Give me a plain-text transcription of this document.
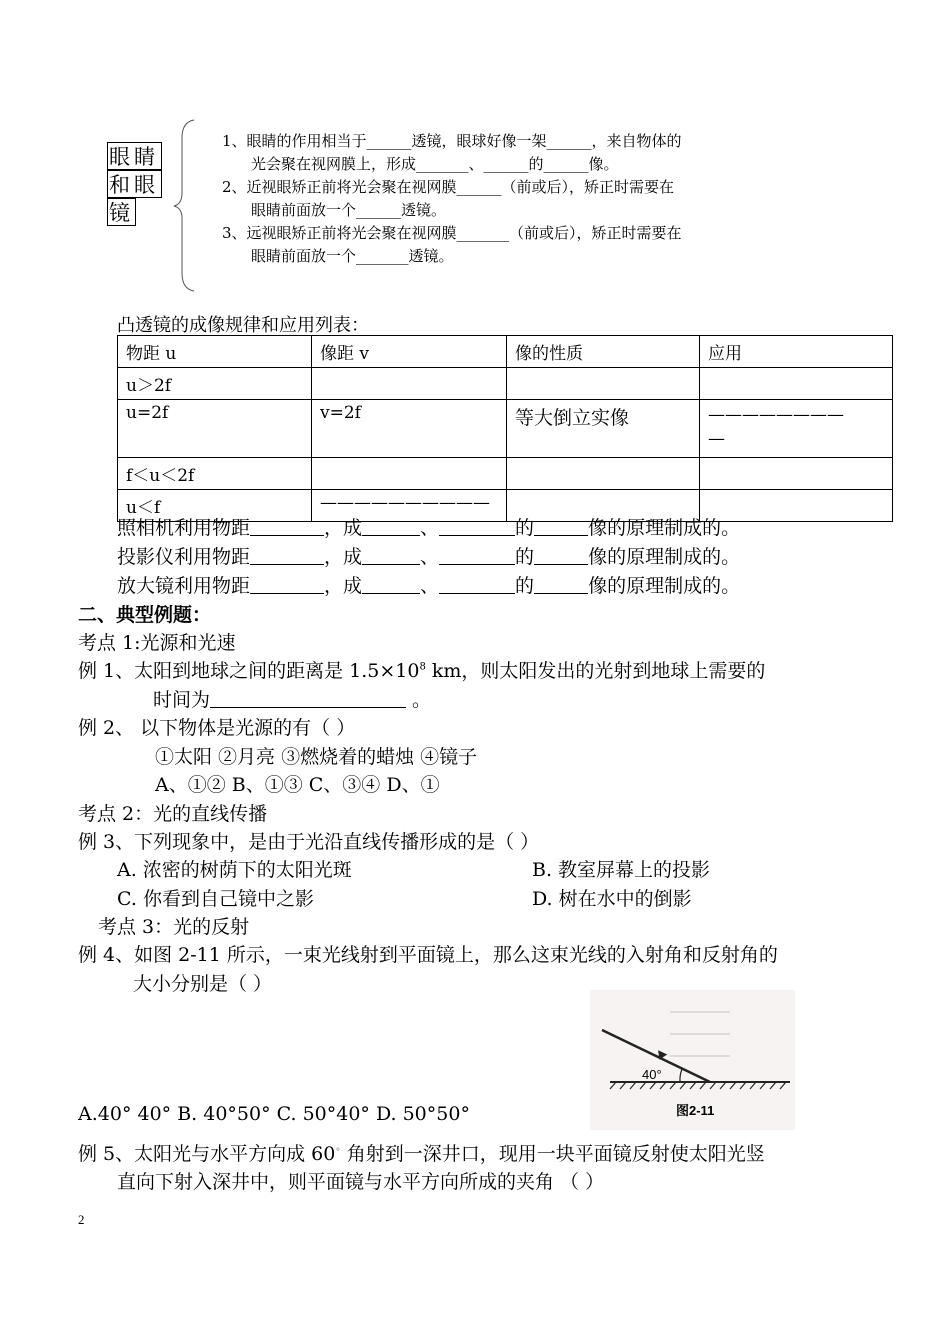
眼睛
和眼
镜
1、眼睛的作用相当于______透镜，眼球好像一架______，来自物体的
光会聚在视网膜上，形成_______、______的______像。
2、近视眼矫正前将光会聚在视网膜______（前或后），矫正时需要在
眼睛前面放一个______透镜。
3、远视眼矫正前将光会聚在视网膜_______（前或后），矫正时需要在
眼睛前面放一个_______透镜。
凸透镜的成像规律和应用列表：
物距 u	像距 v	像的性质	应用
u＞2f			
u=2f	v=2f	等大倒立实像	————————
—
f＜u＜2f			
u＜f	——————————		
照相机利用物距	，成	、	的	像的原理制成的。
投影仪利用物距	，成	、	的	像的原理制成的。
放大镜利用物距	，成	、	的	像的原理制成的。
二、典型例题：
考点 1:光源和光速
例 1、太阳到地球之间的距离是 $1.5\times 10^8$ km，则太阳发出的光射到地球上需要的
时间为	。
例 2、 以下物体是光源的有（ ）
①太阳 ②月亮 ③燃烧着的蜡烛 ④镜子
A、①② B、①③ C、③④ D、①
考点 2：光的直线传播
例 3、下列现象中，是由于光沿直线传播形成的是（ ）
A. 浓密的树荫下的太阳光斑	B. 教室屏幕上的投影
C. 你看到自己镜中之影	D. 树在水中的倒影
考点 3：光的反射
例 4、如图 2-11 所示，一束光线射到平面镜上，那么这束光线的入射角和反射角的
大小分别是（ ）
40°
图2-11
A.40° 40° B. 40°50° C. 50°40° D. 50°50°
例 5、太阳光与水平方向成 60◦ 角射到一深井口，现用一块平面镜反射使太阳光竖
直向下射入深井中，则平面镜与水平方向所成的夹角 （ ）
2
